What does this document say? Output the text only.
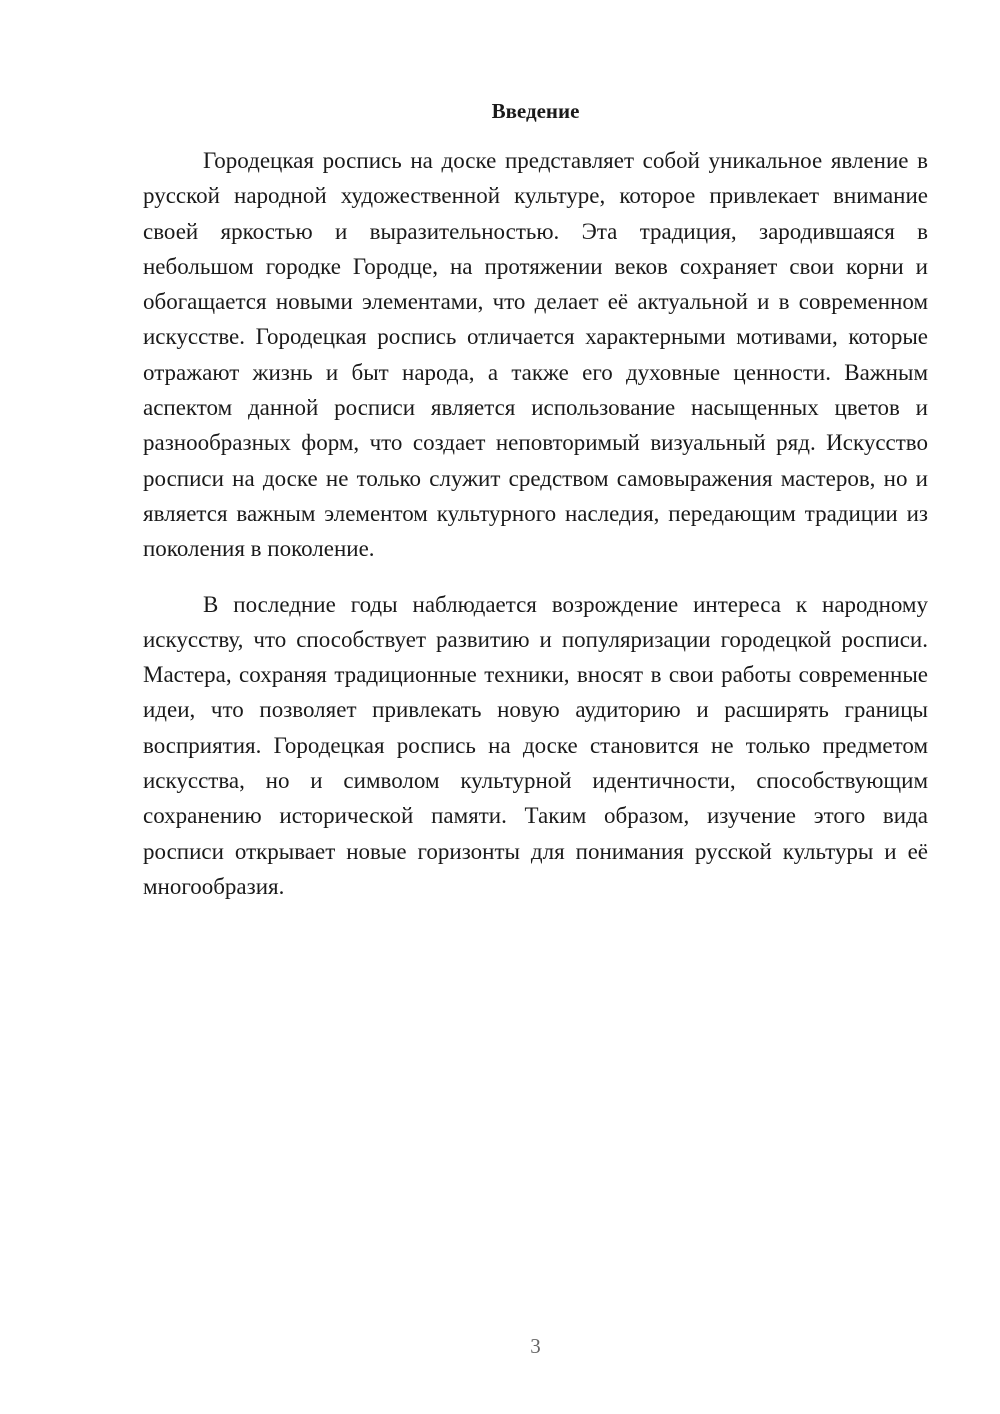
Введение

Городецкая роспись на доске представляет собой уникальное явление в русской народной художественной культуре, которое привлекает внимание своей яркостью и выразительностью. Эта традиция, зародившаяся в небольшом городке Городце, на протяжении веков сохраняет свои корни и обогащается новыми элементами, что делает её актуальной и в современном искусстве. Городецкая роспись отличается характерными мотивами, которые отражают жизнь и быт народа, а также его духовные ценности. Важным аспектом данной росписи является использование насыщенных цветов и разнообразных форм, что создает неповторимый визуальный ряд. Искусство росписи на доске не только служит средством самовыражения мастеров, но и является важным элементом культурного наследия, передающим традиции из поколения в поколение.

В последние годы наблюдается возрождение интереса к народному искусству, что способствует развитию и популяризации городецкой росписи. Мастера, сохраняя традиционные техники, вносят в свои работы современные идеи, что позволяет привлекать новую аудиторию и расширять границы восприятия. Городецкая роспись на доске становится не только предметом искусства, но и символом культурной идентичности, способствующим сохранению исторической памяти. Таким образом, изучение этого вида росписи открывает новые горизонты для понимания русской культуры и её многообразия.

3
